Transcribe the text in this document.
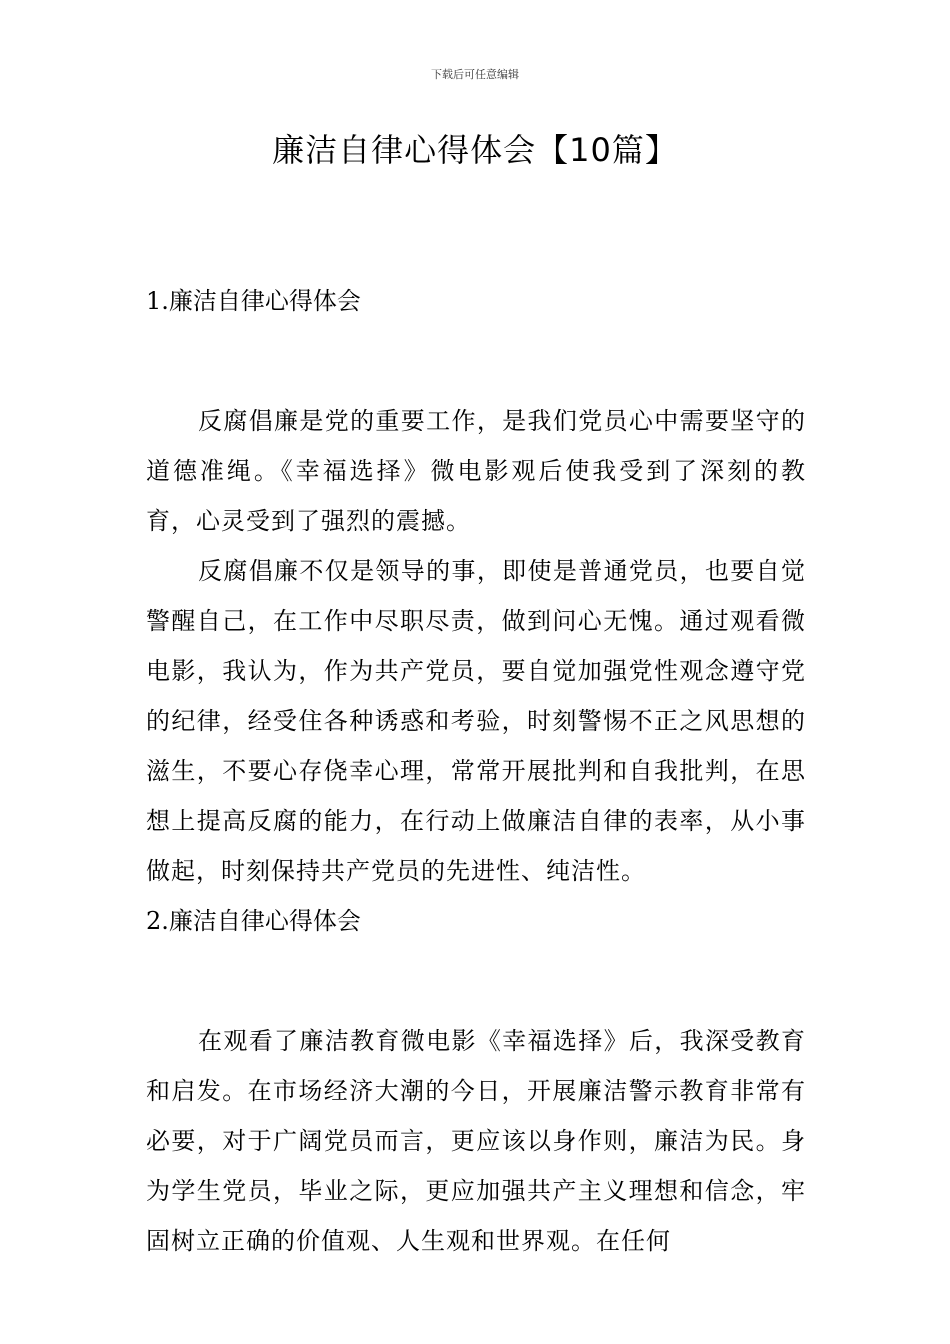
下载后可任意编辑
廉洁自律心得体会【10篇】

1.廉洁自律心得体会

反腐倡廉是党的重要工作，是我们党员心中需要坚守的道德准绳。《幸福选择》微电影观后使我受到了深刻的教育，心灵受到了强烈的震撼。

反腐倡廉不仅是领导的事，即使是普通党员，也要自觉警醒自己，在工作中尽职尽责，做到问心无愧。通过观看微电影，我认为，作为共产党员，要自觉加强党性观念遵守党的纪律，经受住各种诱惑和考验，时刻警惕不正之风思想的滋生，不要心存侥幸心理，常常开展批判和自我批判，在思想上提高反腐的能力，在行动上做廉洁自律的表率，从小事做起，时刻保持共产党员的先进性、纯洁性。

2.廉洁自律心得体会

在观看了廉洁教育微电影《幸福选择》后，我深受教育和启发。在市场经济大潮的今日，开展廉洁警示教育非常有必要，对于广阔党员而言，更应该以身作则，廉洁为民。身为学生党员，毕业之际，更应加强共产主义理想和信念，牢固树立正确的价值观、人生观和世界观。在任何
